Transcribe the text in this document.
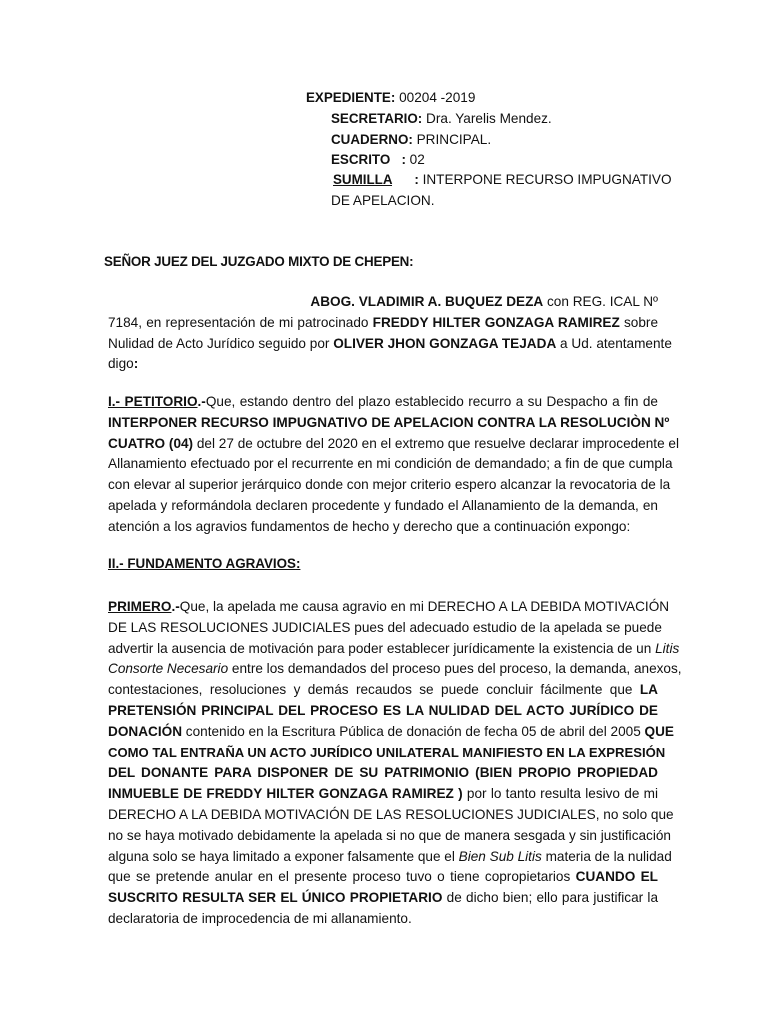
EXPEDIENTE: 00204 -2019
SECRETARIO: Dra. Yarelis Mendez.
CUADERNO: PRINCIPAL.
ESCRITO   : 02
SUMILLA      : INTERPONE RECURSO IMPUGNATIVO
DE APELACION.
SEÑOR JUEZ DEL JUZGADO MIXTO DE CHEPEN:
ABOG. VLADIMIR A. BUQUEZ DEZA con REG. ICAL Nº
7184, en representación de mi patrocinado FREDDY HILTER GONZAGA RAMIREZ sobre
Nulidad de Acto Jurídico seguido por OLIVER JHON GONZAGA TEJADA a Ud. atentamente
digo:
I.- PETITORIO.-Que, estando dentro del plazo establecido recurro a su Despacho a fin de
INTERPONER RECURSO IMPUGNATIVO DE APELACION CONTRA LA RESOLUCIÒN Nº
CUATRO (04) del 27 de octubre del 2020 en el extremo que resuelve declarar improcedente el
Allanamiento efectuado por el recurrente en mi condición de demandado; a fin de que cumpla
con elevar al superior jerárquico donde con mejor criterio espero alcanzar la revocatoria de la
apelada y reformándola declaren procedente y fundado el Allanamiento de la demanda, en
atención a los agravios fundamentos de hecho y derecho que a continuación expongo:
II.- FUNDAMENTO AGRAVIOS:
PRIMERO.-Que, la apelada me causa agravio en mi DERECHO A LA DEBIDA MOTIVACIÓN
DE LAS RESOLUCIONES JUDICIALES pues del adecuado estudio de la apelada se puede
advertir la ausencia de motivación para poder establecer jurídicamente la existencia de un Litis
Consorte Necesario entre los demandados del proceso pues del proceso, la demanda, anexos,
contestaciones, resoluciones y demás recaudos se puede concluir fácilmente que LA
PRETENSIÓN PRINCIPAL DEL PROCESO ES LA NULIDAD DEL ACTO JURÍDICO DE
DONACIÓN contenido en la Escritura Pública de donación de fecha 05 de abril del 2005 QUE
COMO TAL ENTRAÑA UN ACTO JURÍDICO UNILATERAL MANIFIESTO EN LA EXPRESIÓN
DEL DONANTE PARA DISPONER DE SU PATRIMONIO (BIEN PROPIO PROPIEDAD
INMUEBLE DE FREDDY HILTER GONZAGA RAMIREZ ) por lo tanto resulta lesivo de mi
DERECHO A LA DEBIDA MOTIVACIÓN DE LAS RESOLUCIONES JUDICIALES, no solo que
no se haya motivado debidamente la apelada si no que de manera sesgada y sin justificación
alguna solo se haya limitado a exponer falsamente que el Bien Sub Litis materia de la nulidad
que se pretende anular en el presente proceso tuvo o tiene copropietarios CUANDO EL
SUSCRITO RESULTA SER EL ÚNICO PROPIETARIO de dicho bien; ello para justificar la
declaratoria de improcedencia de mi allanamiento.
